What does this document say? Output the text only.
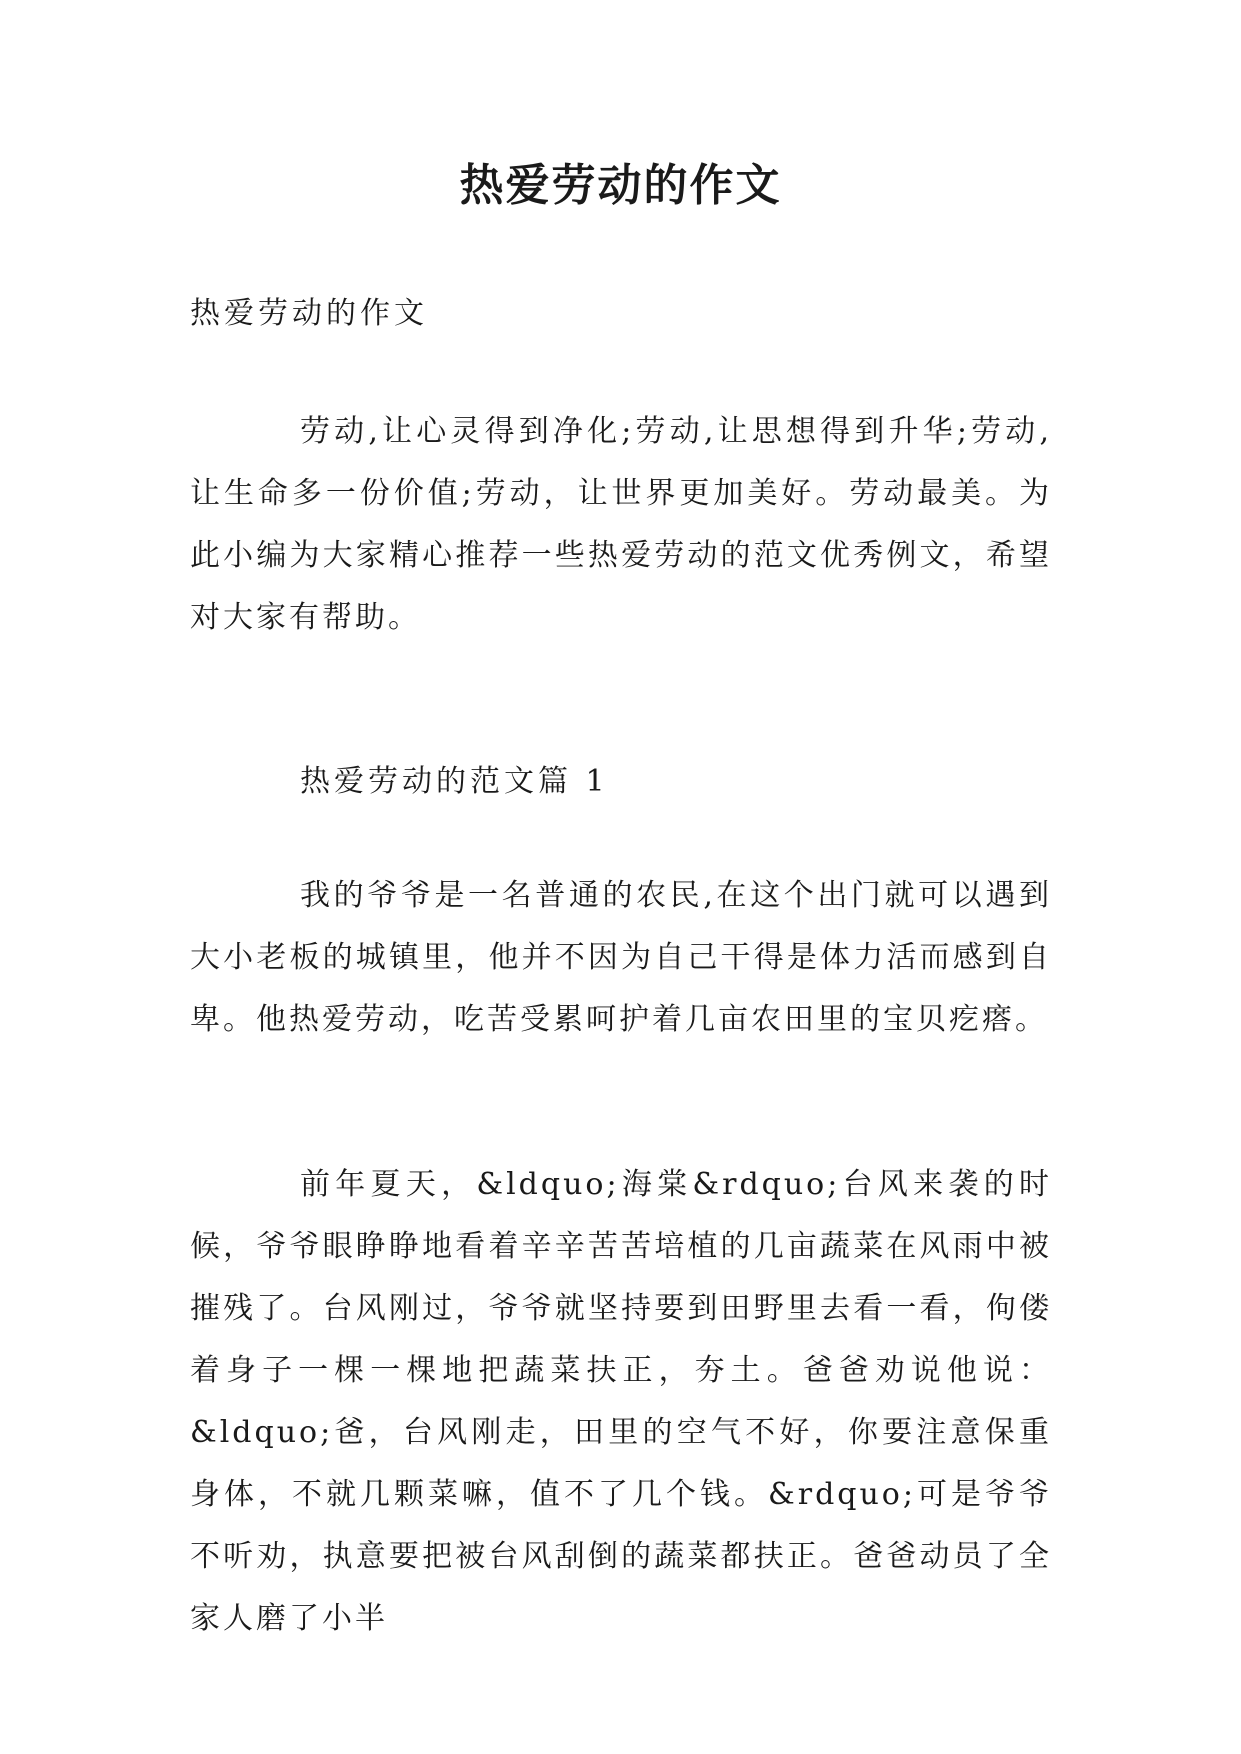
热爱劳动的作文
热爱劳动的作文

劳动,让心灵得到净化;劳动,让思想得到升华;劳动,让生命多一份价值;劳动，让世界更加美好。劳动最美。为此小编为大家精心推荐一些热爱劳动的范文优秀例文，希望对大家有帮助。

热爱劳动的范文篇 1

我的爷爷是一名普通的农民,在这个出门就可以遇到大小老板的城镇里，他并不因为自己干得是体力活而感到自卑。他热爱劳动，吃苦受累呵护着几亩农田里的宝贝疙瘩。

前年夏天，&ldquo;海棠&rdquo;台风来袭的时候，爷爷眼睁睁地看着辛辛苦苦培植的几亩蔬菜在风雨中被摧残了。台风刚过，爷爷就坚持要到田野里去看一看，佝偻着身子一棵一棵地把蔬菜扶正，夯土。爸爸劝说他说：&ldquo;爸，台风刚走，田里的空气不好，你要注意保重身体，不就几颗菜嘛，值不了几个钱。&rdquo;可是爷爷不听劝，执意要把被台风刮倒的蔬菜都扶正。爸爸动员了全家人磨了小半
